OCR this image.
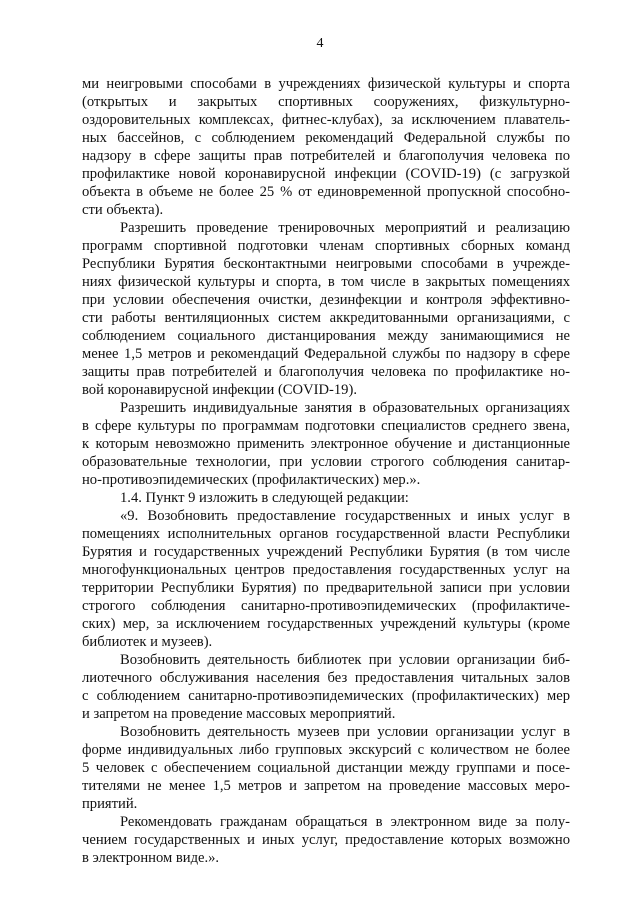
4
ми неигровыми способами в учреждениях физической культуры и спорта
(открытых и закрытых спортивных сооружениях, физкультурно-
оздоровительных комплексах, фитнес-клубах), за исключением плаватель-
ных бассейнов, с соблюдением рекомендаций Федеральной службы по
надзору в сфере защиты прав потребителей и благополучия человека по
профилактике новой коронавирусной инфекции (COVID-19) (с загрузкой
объекта в объеме не более 25 % от единовременной пропускной способно-
сти объекта).
Разрешить проведение тренировочных мероприятий и реализацию
программ спортивной подготовки членам спортивных сборных команд
Республики Бурятия бесконтактными неигровыми способами в учрежде-
ниях физической культуры и спорта, в том числе в закрытых помещениях
при условии обеспечения очистки, дезинфекции и контроля эффективно-
сти работы вентиляционных систем аккредитованными организациями, с
соблюдением социального дистанцирования между занимающимися не
менее 1,5 метров и рекомендаций Федеральной службы по надзору в сфере
защиты прав потребителей и благополучия человека по профилактике но-
вой коронавирусной инфекции (COVID-19).
Разрешить индивидуальные занятия в образовательных организациях
в сфере культуры по программам подготовки специалистов среднего звена,
к которым невозможно применить электронное обучение и дистанционные
образовательные технологии, при условии строгого соблюдения санитар-
но-противоэпидемических (профилактических) мер.».
1.4. Пункт 9 изложить в следующей редакции:
«9. Возобновить предоставление государственных и иных услуг в
помещениях исполнительных органов государственной власти Республики
Бурятия и государственных учреждений Республики Бурятия (в том числе
многофункциональных центров предоставления государственных услуг на
территории Республики Бурятия) по предварительной записи при условии
строгого соблюдения санитарно-противоэпидемических (профилактиче-
ских) мер, за исключением государственных учреждений культуры (кроме
библиотек и музеев).
Возобновить деятельность библиотек при условии организации биб-
лиотечного обслуживания населения без предоставления читальных залов
с соблюдением санитарно-противоэпидемических (профилактических) мер
и запретом на проведение массовых мероприятий.
Возобновить деятельность музеев при условии организации услуг в
форме индивидуальных либо групповых экскурсий с количеством не более
5 человек с обеспечением социальной дистанции между группами и посе-
тителями не менее 1,5 метров и запретом на проведение массовых меро-
приятий.
Рекомендовать гражданам обращаться в электронном виде за полу-
чением государственных и иных услуг, предоставление которых возможно
в электронном виде.».
